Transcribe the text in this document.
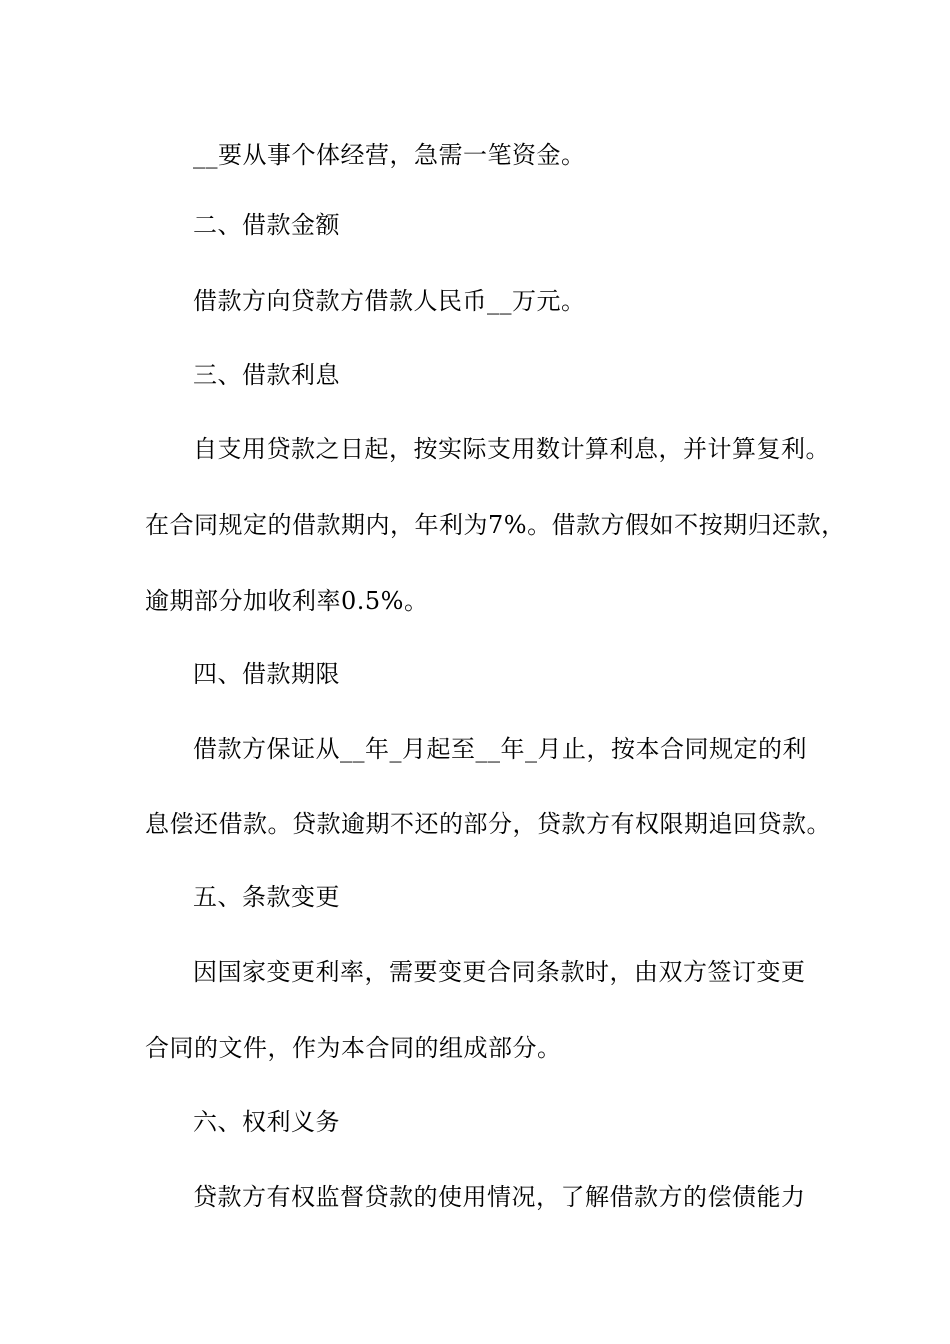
__要从事个体经营，急需一笔资金。
二、借款金额
借款方向贷款方借款人民币__万元。
三、借款利息
自支用贷款之日起，按实际支用数计算利息，并计算复利。
在合同规定的借款期内，年利为7%。借款方假如不按期归还款，
逾期部分加收利率0.5%。
四、借款期限
借款方保证从__年_月起至__年_月止，按本合同规定的利
息偿还借款。贷款逾期不还的部分，贷款方有权限期追回贷款。
五、条款变更
因国家变更利率，需要变更合同条款时，由双方签订变更
合同的文件，作为本合同的组成部分。
六、权利义务
贷款方有权监督贷款的使用情况，了解借款方的偿债能力
